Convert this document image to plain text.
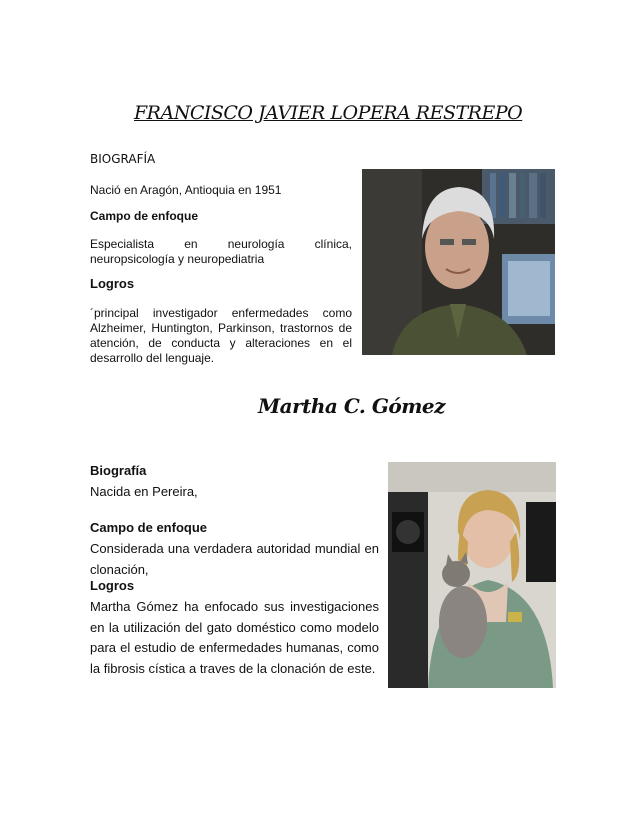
FRANCISCO JAVIER LOPERA RESTREPO
BIOGRAFÍA
Nació en Aragón, Antioquia en 1951
Campo de enfoque
Especialista en neurología clínica, neuropsicología y neuropediatria
Logros
´principal investigador enfermedades como Alzheimer, Huntington, Parkinson, trastornos de atención, de conducta y alteraciones en el desarrollo del lenguaje.
Martha C. Gómez
Biografía
Nacida en Pereira,
Campo de enfoque
Considerada una verdadera autoridad mundial en clonación,
Logros
Martha Gómez ha enfocado sus investigaciones en la utilización del gato doméstico como modelo para el estudio de enfermedades humanas, como la fibrosis cística a traves de la clonación de este.
